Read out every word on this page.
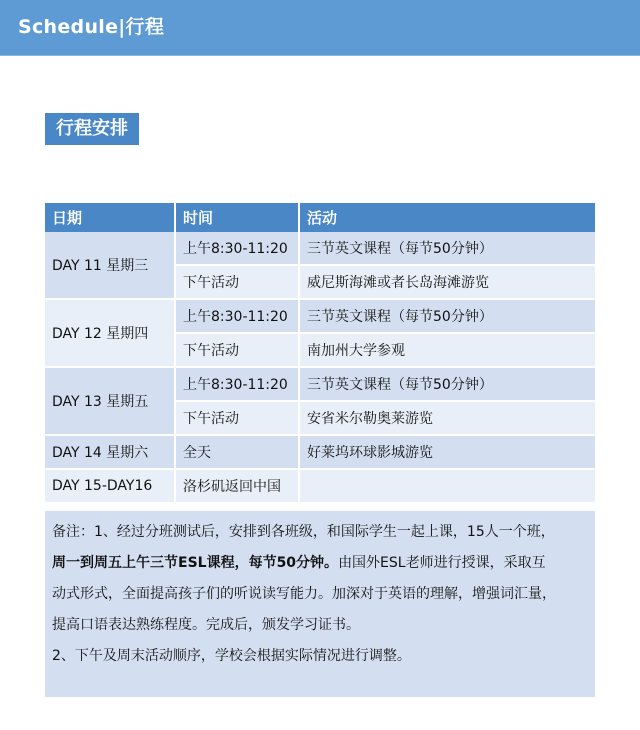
Schedule|行程
行程安排
日期	时间	活动
DAY 11 星期三	上午8:30-11:20	三节英文课程（每节50分钟）
	下午活动	威尼斯海滩或者长岛海滩游览
DAY 12 星期四	上午8:30-11:20	三节英文课程（每节50分钟）
	下午活动	南加州大学参观
DAY 13 星期五	上午8:30-11:20	三节英文课程（每节50分钟）
	下午活动	安省米尔勒奥莱游览
DAY 14 星期六	全天	好莱坞环球影城游览
DAY 15-DAY16	洛杉矶返回中国	

备注：1、经过分班测试后，安排到各班级，和国际学生一起上课，15人一个班，

周一到周五上午三节ESL课程，每节50分钟。由国外ESL老师进行授课，采取互

动式形式，全面提高孩子们的听说读写能力。加深对于英语的理解，增强词汇量，

提高口语表达熟练程度。完成后，颁发学习证书。

2、下午及周末活动顺序，学校会根据实际情况进行调整。
